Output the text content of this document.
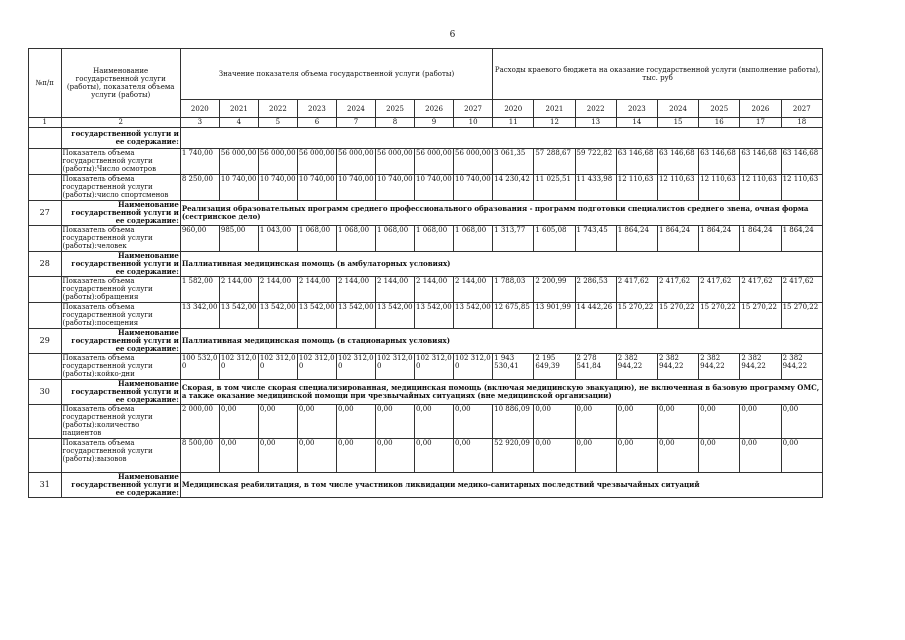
6
№п/п	Наименование государственной услуги (работы), показателя объема услуги (работы)	Значение показателя объема государственной услуги (работы)								Расходы краевого бюджета на оказание государственной услуги (выполнение работы), тыс. руб							
		2020	2021	2022	2023	2024	2025	2026	2027	2020	2021	2022	2023	2024	2025	2026	2027
1	2	3	4	5	6	7	8	9	10	11	12	13	14	15	16	17	18
	государственной услуги и ее содержание:																
	Показатель объема государственной услуги (работы):Число осмотров	1 740,00	56 000,00	56 000,00	56 000,00	56 000,00	56 000,00	56 000,00	56 000,00	3 061,35	57 288,67	59 722,82	63 146,68	63 146,68	63 146,68	63 146,68	63 146,68
	Показатель объема государственной услуги (работы):число спортсменов	8 250,00	10 740,00	10 740,00	10 740,00	10 740,00	10 740,00	10 740,00	10 740,00	14 230,42	11 025,51	11 433,98	12 110,63	12 110,63	12 110,63	12 110,63	12 110,63
27	Наименование государственной услуги и ее содержание:	Реализация образовательных программ среднего профессионального образования - программ подготовки специалистов среднего звена, очная форма (сестринское дело)															
	Показатель объема государственной услуги (работы):человек	960,00	985,00	1 043,00	1 068,00	1 068,00	1 068,00	1 068,00	1 068,00	1 313,77	1 605,08	1 743,45	1 864,24	1 864,24	1 864,24	1 864,24	1 864,24
28	Наименование государственной услуги и ее содержание:	Паллиативная медицинская помощь (в амбулаторных условиях)															
	Показатель объема государственной услуги (работы):обращения	1 582,00	2 144,00	2 144,00	2 144,00	2 144,00	2 144,00	2 144,00	2 144,00	1 788,03	2 200,99	2 286,53	2 417,62	2 417,62	2 417,62	2 417,62	2 417,62
	Показатель объема государственной услуги (работы):посещения	13 342,00	13 542,00	13 542,00	13 542,00	13 542,00	13 542,00	13 542,00	13 542,00	12 675,85	13 901,99	14 442,26	15 270,22	15 270,22	15 270,22	15 270,22	15 270,22
29	Наименование государственной услуги и ее содержание:	Паллиативная медицинская помощь (в стационарных условиях)															
	Показатель объема государственной услуги (работы):койко-дни	100 532,0 0	102 312,0 0	102 312,0 0	102 312,0 0	102 312,0 0	102 312,0 0	102 312,0 0	102 312,0 0	1 943 530,41	2 195 649,39	2 278 541,84	2 382 944,22	2 382 944,22	2 382 944,22	2 382 944,22	2 382 944,22
30	Наименование государственной услуги и ее содержание:	Скорая, в том числе скорая специализированная, медицинская помощь (включая медицинскую эвакуацию), не включенная в базовую программу ОМС, а также оказание медицинской помощи при чрезвычайных ситуациях (вне медицинской организации)															
	Показатель объема государственной услуги (работы):количество пациентов	2 000,00	0,00	0,00	0,00	0,00	0,00	0,00	0,00	10 886,09	0,00	0,00	0,00	0,00	0,00	0,00	0,00
	Показатель объема государственной услуги (работы):вызовов	8 500,00	0,00	0,00	0,00	0,00	0,00	0,00	0,00	52 920,09	0,00	0,00	0,00	0,00	0,00	0,00	0,00
31	Наименование государственной услуги и ее содержание:	Медицинская реабилитация, в том числе участников ликвидации медико-санитарных последствий чрезвычайных ситуаций															
